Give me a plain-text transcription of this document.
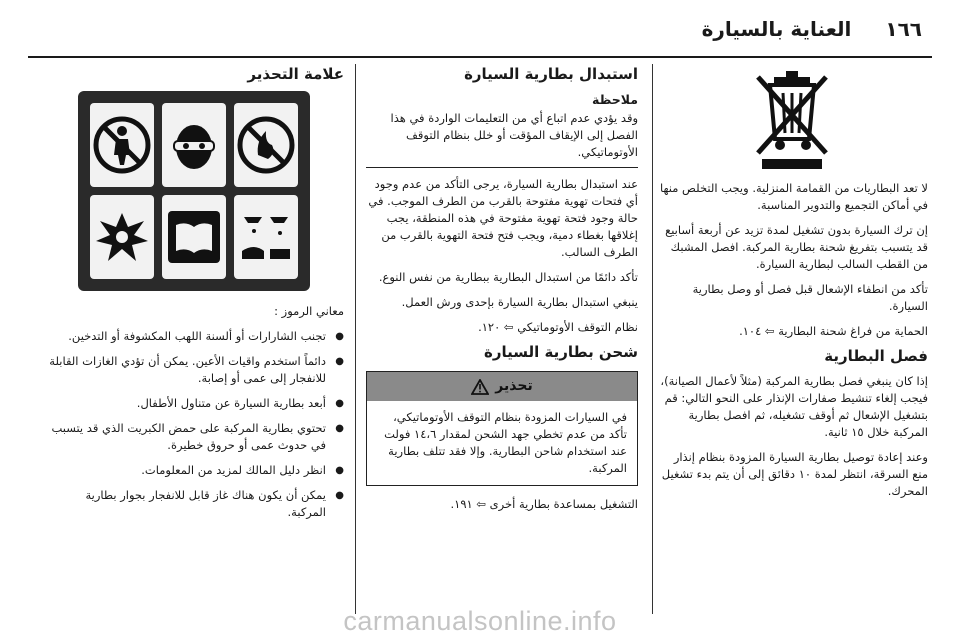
١٦٦
العناية بالسيارة

لا تعد البطاريات من القمامة المنزلية. ويجب التخلص منها في أماكن التجميع والتدوير المناسبة.

إن ترك السيارة بدون تشغيل لمدة تزيد عن أربعة أسابيع قد يتسبب بتفريغ شحنة بطارية المركبة. افصل المشبك من القطب السالب لبطارية السيارة.

تأكد من انطفاء الإشعال قبل فصل أو وصل بطارية السيارة.

الحماية من فراغ شحنة البطارية ⇦ ١٠٤.

فصل البطارية

إذا كان ينبغي فصل بطارية المركبة (مثلاً لأعمال الصيانة)، فيجب إلغاء تنشيط صفارات الإنذار على النحو التالي: قم بتشغيل الإشعال ثم أوقف تشغيله، ثم افصل بطارية المركبة خلال ١٥ ثانية.

وعند إعادة توصيل بطارية السيارة المزودة بنظام إنذار منع السرقة، انتظر لمدة ١٠ دقائق إلى أن يتم بدء تشغيل المحرك.

استبدال بطارية السيارة
ملاحظة
وقد يؤدي عدم اتباع أي من التعليمات الواردة في هذا الفصل إلى الإيقاف المؤقت أو خلل بنظام التوقف الأوتوماتيكي.

عند استبدال بطارية السيارة، يرجى التأكد من عدم وجود أي فتحات تهوية مفتوحة بالقرب من الطرف الموجب. في حالة وجود فتحة تهوية مفتوحة في هذه المنطقة، يجب إغلاقها بغطاء دمية، ويجب فتح فتحة التهوية بالقرب من الطرف السالب.

تأكد دائمًا من استبدال البطارية ببطارية من نفس النوع.

ينبغي استبدال بطارية السيارة بإحدى ورش العمل.

نظام التوقف الأوتوماتيكي ⇦ ١٢٠.

شحن بطارية السيارة
تحذير
في السيارات المزودة بنظام التوقف الأوتوماتيكي، تأكد من عدم تخطي جهد الشحن لمقدار ١٤،٦ فولت عند استخدام شاحن البطارية. وإلا فقد تتلف بطارية المركبة.

التشغيل بمساعدة بطارية أخرى ⇦ ١٩١.

علامة التحذير

معاني الرموز :

● تجنب الشارارات أو ألسنة اللهب المكشوفة أو التدخين.
● دائماً استخدم واقيات الأعين. يمكن أن تؤدي الغازات القابلة للانفجار إلى عمى أو إصابة.
● أبعد بطارية السيارة عن متناول الأطفال.
● تحتوي بطارية المركبة على حمض الكبريت الذي قد يتسبب في حدوث عمى أو حروق خطيرة.
● انظر دليل المالك لمزيد من المعلومات.
● يمكن أن يكون هناك غاز قابل للانفجار بجوار بطارية المركبة.
carmanualsonline.info
